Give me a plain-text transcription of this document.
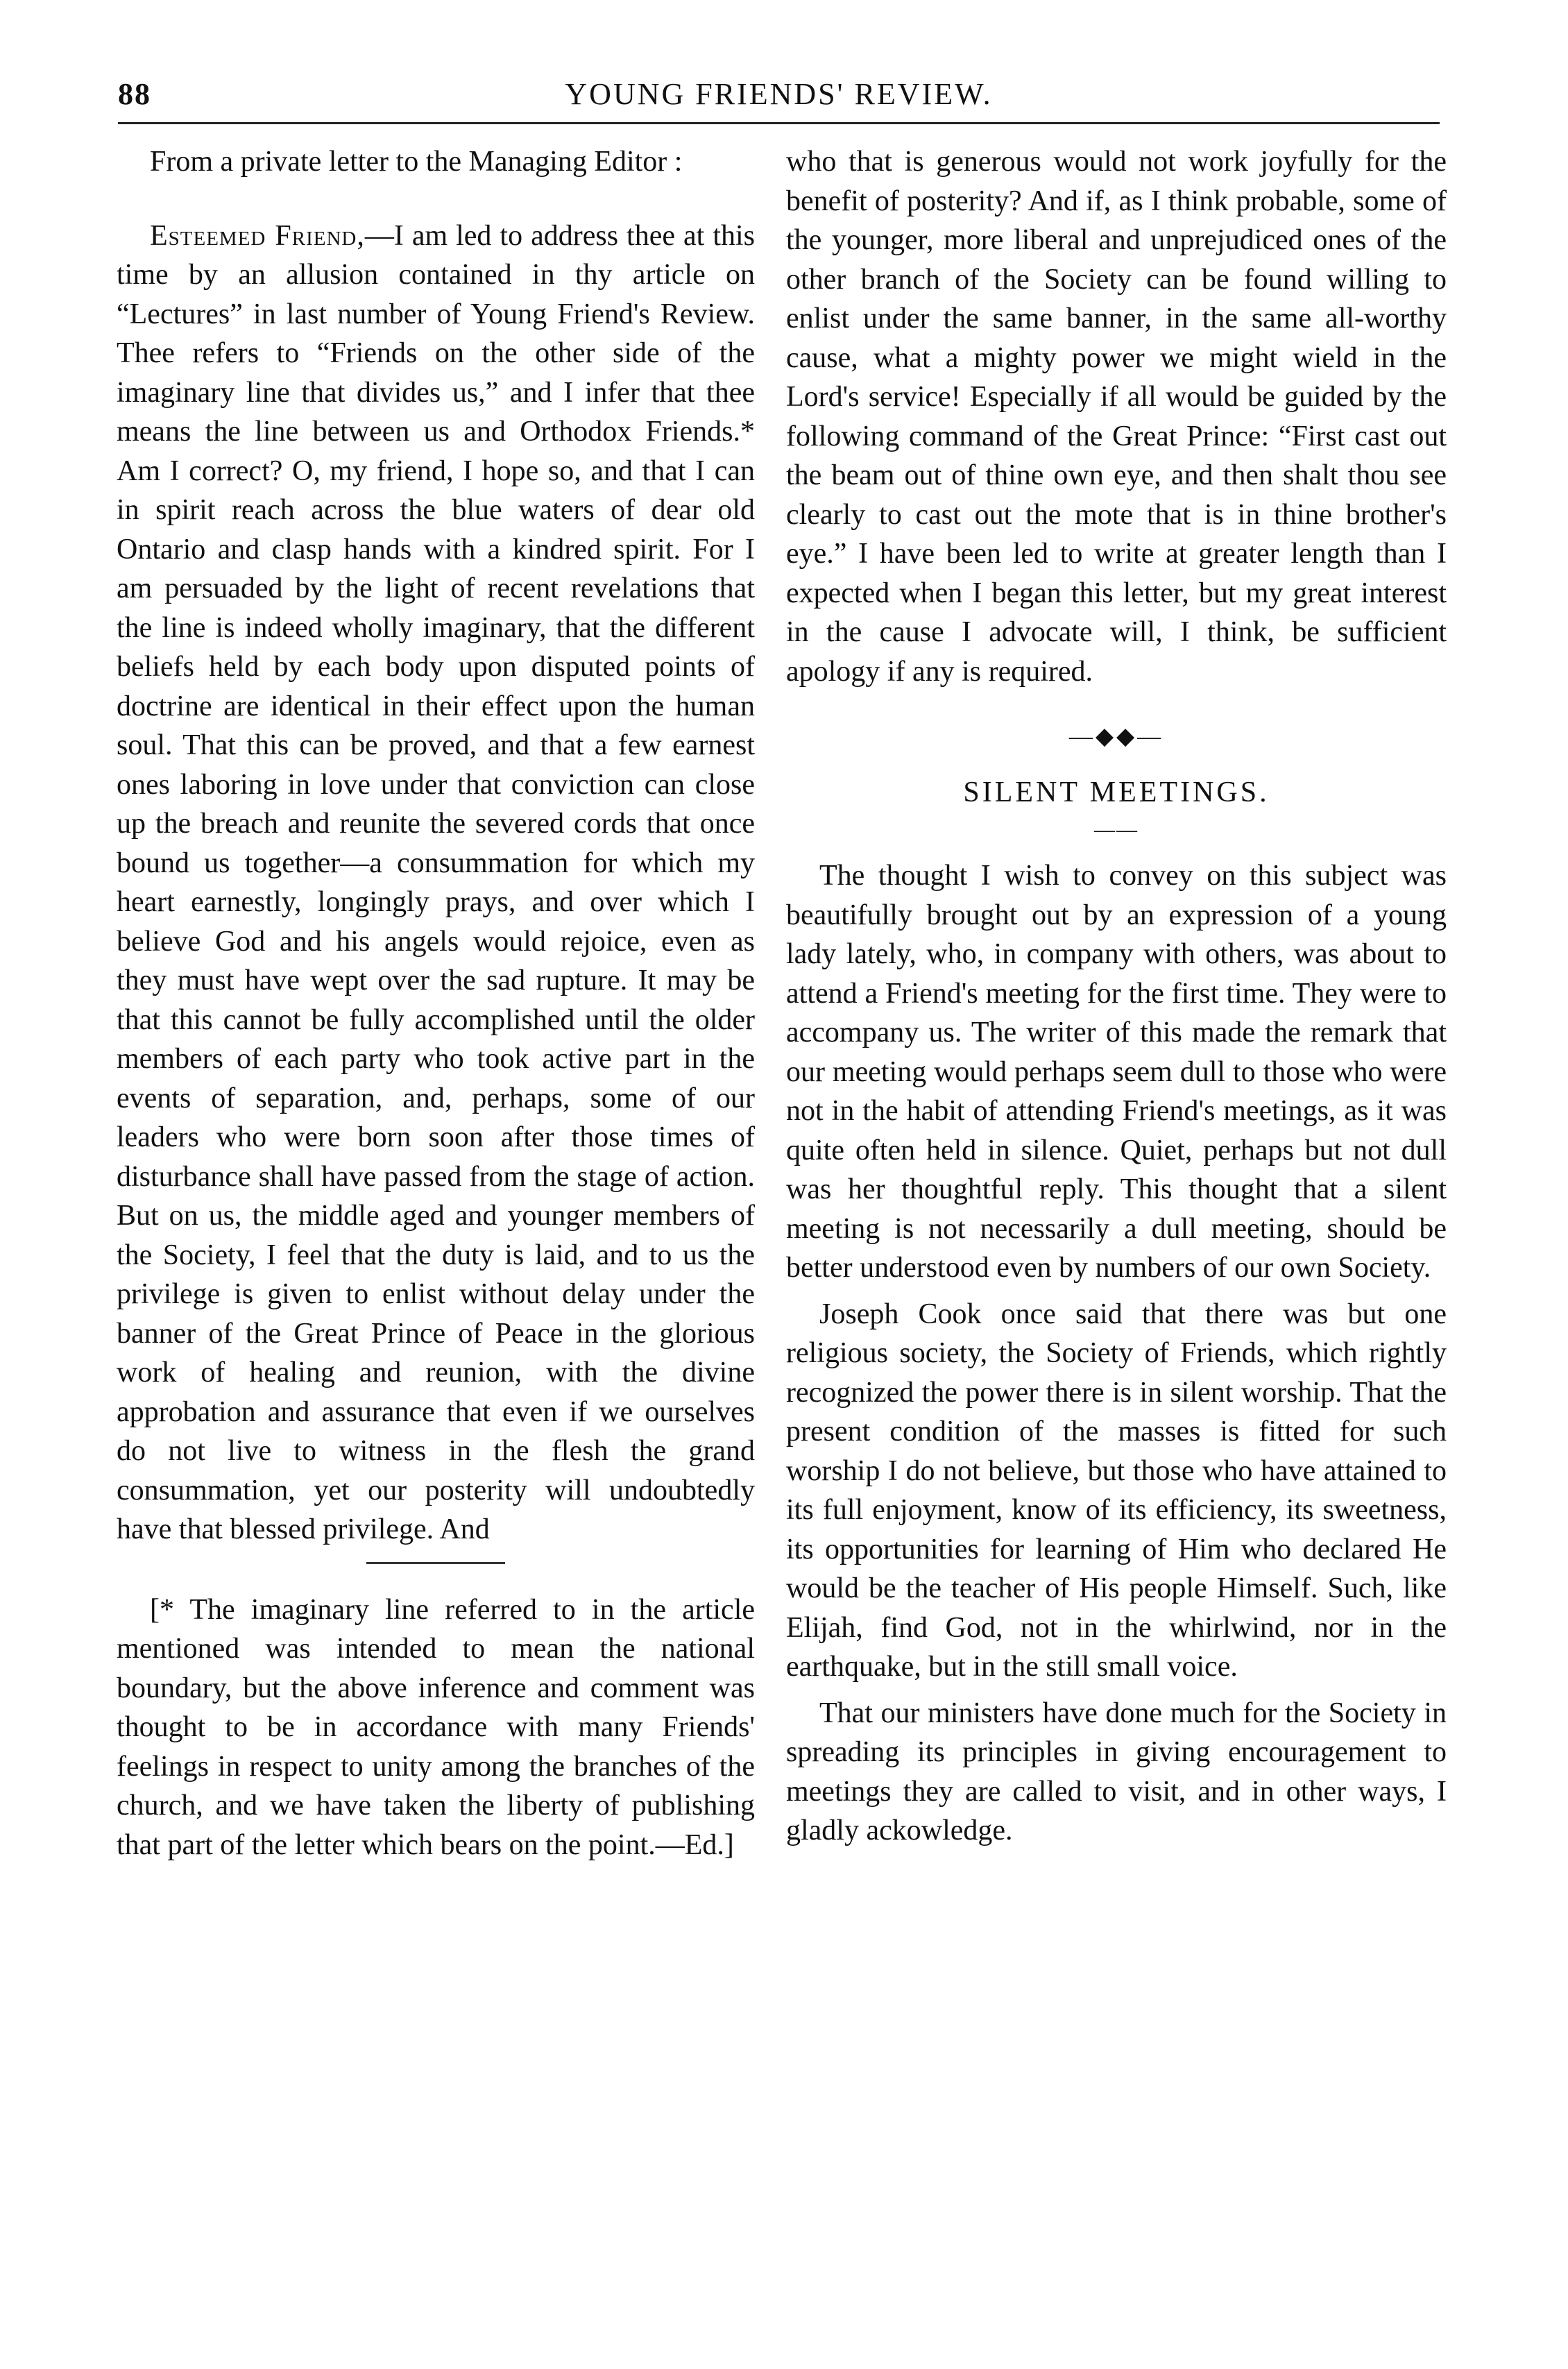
88	YOUNG FRIENDS' REVIEW.

From a private letter to the Managing Editor :

Esteemed Friend,—I am led to address thee at this time by an allusion contained in thy article on “Lectures” in last number of Young Friend's Review. Thee refers to “Friends on the other side of the imaginary line that divides us,” and I infer that thee means the line between us and Orthodox Friends.* Am I correct? O, my friend, I hope so, and that I can in spirit reach across the blue waters of dear old Ontario and clasp hands with a kindred spirit. For I am persuaded by the light of recent revelations that the line is indeed wholly imaginary, that the different beliefs held by each body upon disputed points of doctrine are identical in their effect upon the human soul. That this can be proved, and that a few earnest ones laboring in love under that conviction can close up the breach and reunite the severed cords that once bound us together—a consummation for which my heart earnestly, longingly prays, and over which I believe God and his angels would rejoice, even as they must have wept over the sad rupture. It may be that this cannot be fully accomplished until the older members of each party who took active part in the events of separation, and, perhaps, some of our leaders who were born soon after those times of disturbance shall have passed from the stage of action. But on us, the middle aged and younger members of the Society, I feel that the duty is laid, and to us the privilege is given to enlist without delay under the banner of the Great Prince of Peace in the glorious work of healing and reunion, with the divine approbation and assurance that even if we ourselves do not live to witness in the flesh the grand consummation, yet our posterity will undoubtedly have that blessed privilege. And

[* The imaginary line referred to in the article mentioned was intended to mean the national boundary, but the above inference and comment was thought to be in accordance with many Friends' feelings in respect to unity among the branches of the church, and we have taken the liberty of publishing that part of the letter which bears on the point.—Ed.]

who that is generous would not work joyfully for the benefit of posterity? And if, as I think probable, some of the younger, more liberal and unprejudiced ones of the other branch of the Society can be found willing to enlist under the same banner, in the same all-worthy cause, what a mighty power we might wield in the Lord's service! Especially if all would be guided by the following command of the Great Prince: “First cast out the beam out of thine own eye, and then shalt thou see clearly to cast out the mote that is in thine brother's eye.” I have been led to write at greater length than I expected when I began this letter, but my great interest in the cause I advocate will, I think, be sufficient apology if any is required.

—◆◆—
SILENT MEETINGS.
——

The thought I wish to convey on this subject was beautifully brought out by an expression of a young lady lately, who, in company with others, was about to attend a Friend's meeting for the first time. They were to accompany us. The writer of this made the remark that our meeting would perhaps seem dull to those who were not in the habit of attending Friend's meetings, as it was quite often held in silence. Quiet, perhaps but not dull was her thoughtful reply. This thought that a silent meeting is not necessarily a dull meeting, should be better understood even by numbers of our own Society.

Joseph Cook once said that there was but one religious society, the Society of Friends, which rightly recognized the power there is in silent worship. That the present condition of the masses is fitted for such worship I do not believe, but those who have attained to its full enjoyment, know of its efficiency, its sweetness, its opportunities for learning of Him who declared He would be the teacher of His people Himself. Such, like Elijah, find God, not in the whirlwind, nor in the earthquake, but in the still small voice.

That our ministers have done much for the Society in spreading its principles in giving encouragement to meetings they are called to visit, and in other ways, I gladly ackowledge.
